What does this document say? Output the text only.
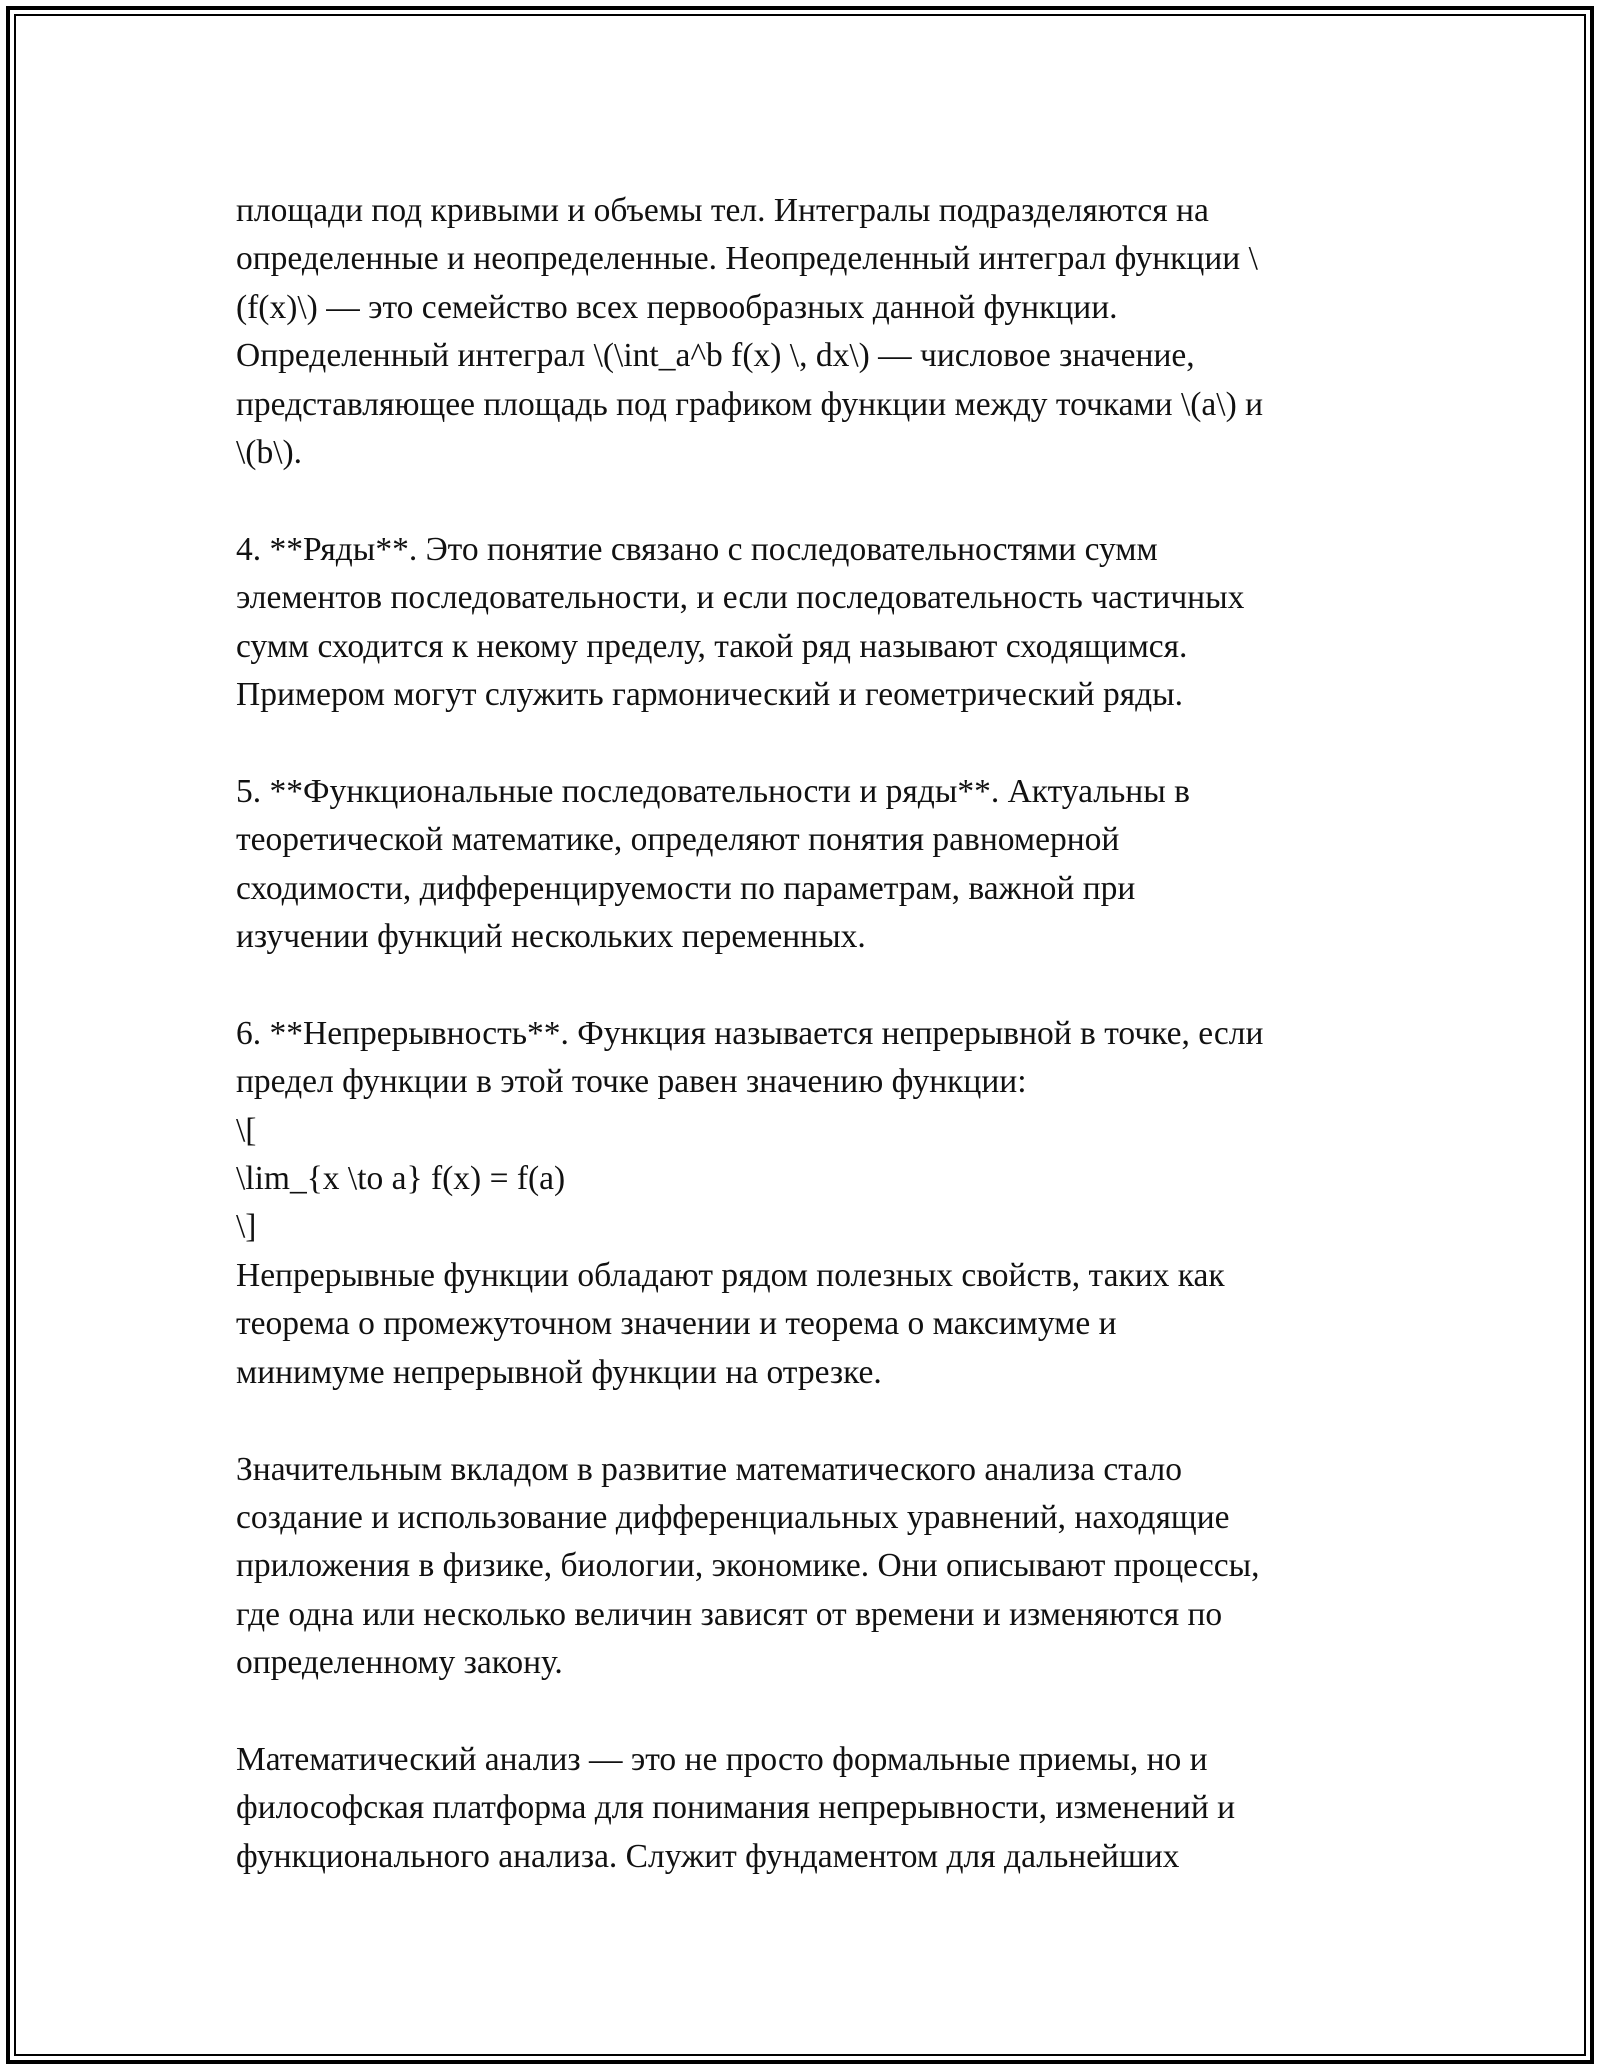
площади под кривыми и объемы тел. Интегралы подразделяются на
определенные и неопределенные. Неопределенный интеграл функции \
(f(x)\) — это семейство всех первообразных данной функции.
Определенный интеграл \(\int_a^b f(x) \, dx\) — числовое значение,
представляющее площадь под графиком функции между точками \(a\) и
\(b\).

4. **Ряды**. Это понятие связано с последовательностями сумм
элементов последовательности, и если последовательность частичных
сумм сходится к некому пределу, такой ряд называют сходящимся.
Примером могут служить гармонический и геометрический ряды.

5. **Функциональные последовательности и ряды**. Актуальны в
теоретической математике, определяют понятия равномерной
сходимости, дифференцируемости по параметрам, важной при
изучении функций нескольких переменных.

6. **Непрерывность**. Функция называется непрерывной в точке, если
предел функции в этой точке равен значению функции:
\[
\lim_{x \to a} f(x) = f(a)
\]
Непрерывные функции обладают рядом полезных свойств, таких как
теорема о промежуточном значении и теорема о максимуме и
минимуме непрерывной функции на отрезке.

Значительным вкладом в развитие математического анализа стало
создание и использование дифференциальных уравнений, находящие
приложения в физике, биологии, экономике. Они описывают процессы,
где одна или несколько величин зависят от времени и изменяются по
определенному закону.

Математический анализ — это не просто формальные приемы, но и
философская платформа для понимания непрерывности, изменений и
функционального анализа. Служит фундаментом для дальнейших
